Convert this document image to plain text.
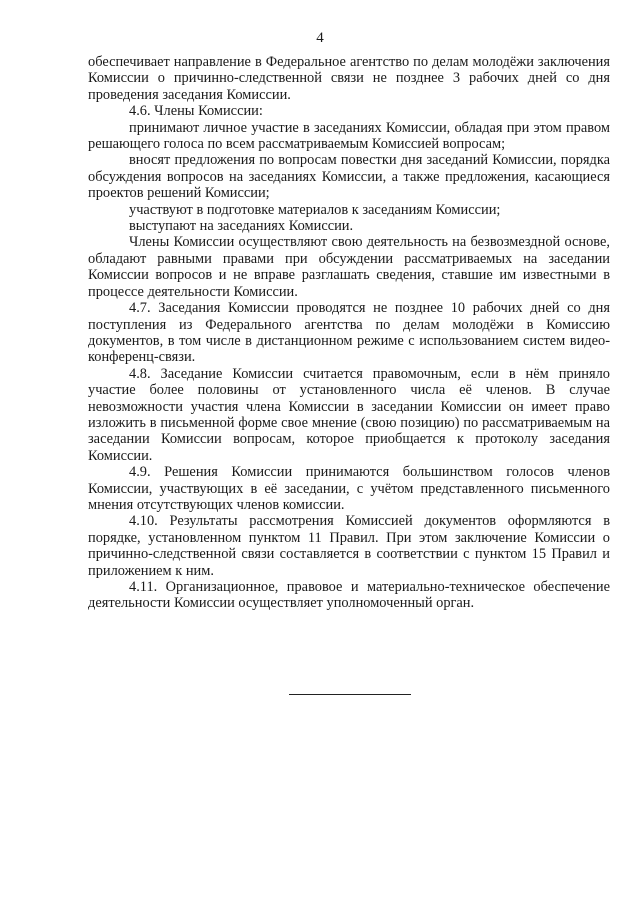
4

обеспечивает направление в Федеральное агентство по делам молодёжи заключения Комиссии о причинно-следственной связи не позднее 3 рабочих дней со дня проведения заседания Комиссии.

4.6. Члены Комиссии:

принимают личное участие в заседаниях Комиссии, обладая при этом правом решающего голоса по всем рассматриваемым Комиссией вопросам;

вносят предложения по вопросам повестки дня заседаний Комиссии, порядка обсуждения вопросов на заседаниях Комиссии, а также предложения, касающиеся проектов решений Комиссии;

участвуют в подготовке материалов к заседаниям Комиссии;

выступают на заседаниях Комиссии.

Члены Комиссии осуществляют свою деятельность на безвозмездной основе, обладают равными правами при обсуждении рассматриваемых на заседании Комиссии вопросов и не вправе разглашать сведения, ставшие им известными в процессе деятельности Комиссии.

4.7. Заседания Комиссии проводятся не позднее 10 рабочих дней со дня поступления из Федерального агентства по делам молодёжи в Комиссию документов, в том числе в дистанционном режиме с использованием систем видео-конференц-связи.

4.8. Заседание Комиссии считается правомочным, если в нём приняло участие более половины от установленного числа её членов. В случае невозможности участия члена Комиссии в заседании Комиссии он имеет право изложить в письменной форме свое мнение (свою позицию) по рассматриваемым на заседании Комиссии вопросам, которое приобщается к протоколу заседания Комиссии.

4.9. Решения Комиссии принимаются большинством голосов членов Комиссии, участвующих в её заседании, с учётом представленного письменного мнения отсутствующих членов комиссии.

4.10. Результаты рассмотрения Комиссией документов оформляются в порядке, установленном пунктом 11 Правил. При этом заключение Комиссии о причинно-следственной связи составляется в соответствии с пунктом 15 Правил и приложением к ним.

4.11. Организационное, правовое и материально-техническое обеспечение деятельности Комиссии осуществляет уполномоченный орган.
